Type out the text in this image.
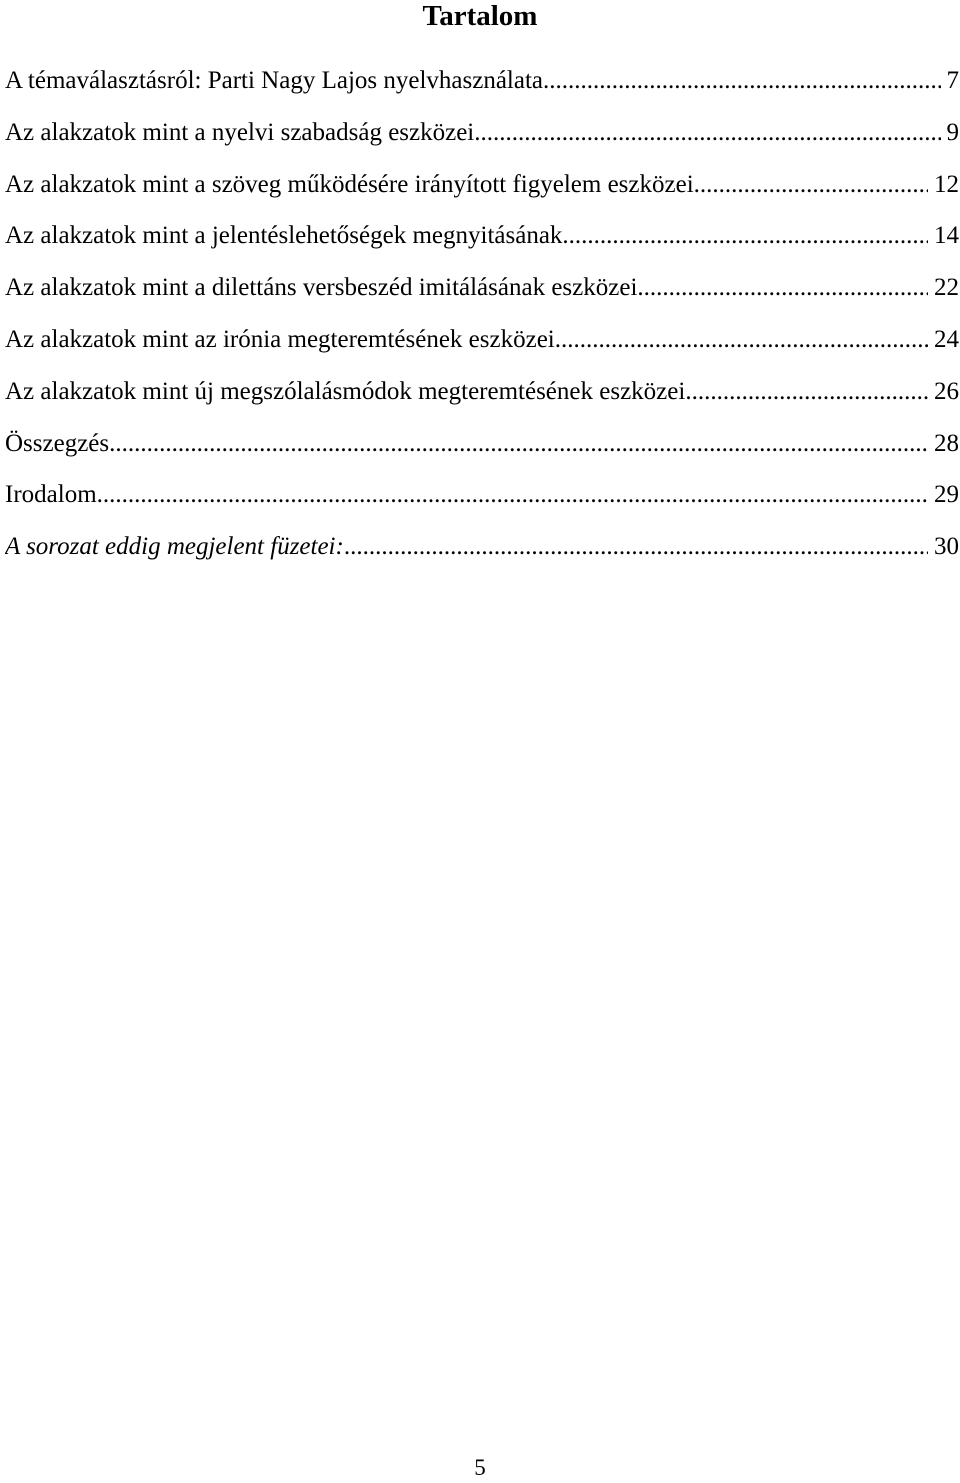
Tartalom
A témaválasztásról: Parti Nagy Lajos nyelvhasználata .....	7
Az alakzatok mint a nyelvi szabadság eszközei .....	9
Az alakzatok mint a szöveg működésére irányított figyelem eszközei .....	12
Az alakzatok mint a jelentéslehetőségek megnyitásának .....	14
Az alakzatok mint a dilettáns versbeszéd imitálásának eszközei .....	22
Az alakzatok mint az irónia megteremtésének eszközei .....	24
Az alakzatok mint új megszólalásmódok megteremtésének eszközei .....	26
Összegzés .....	28
Irodalom .....	29
A sorozat eddig megjelent füzetei: .....	30
5
